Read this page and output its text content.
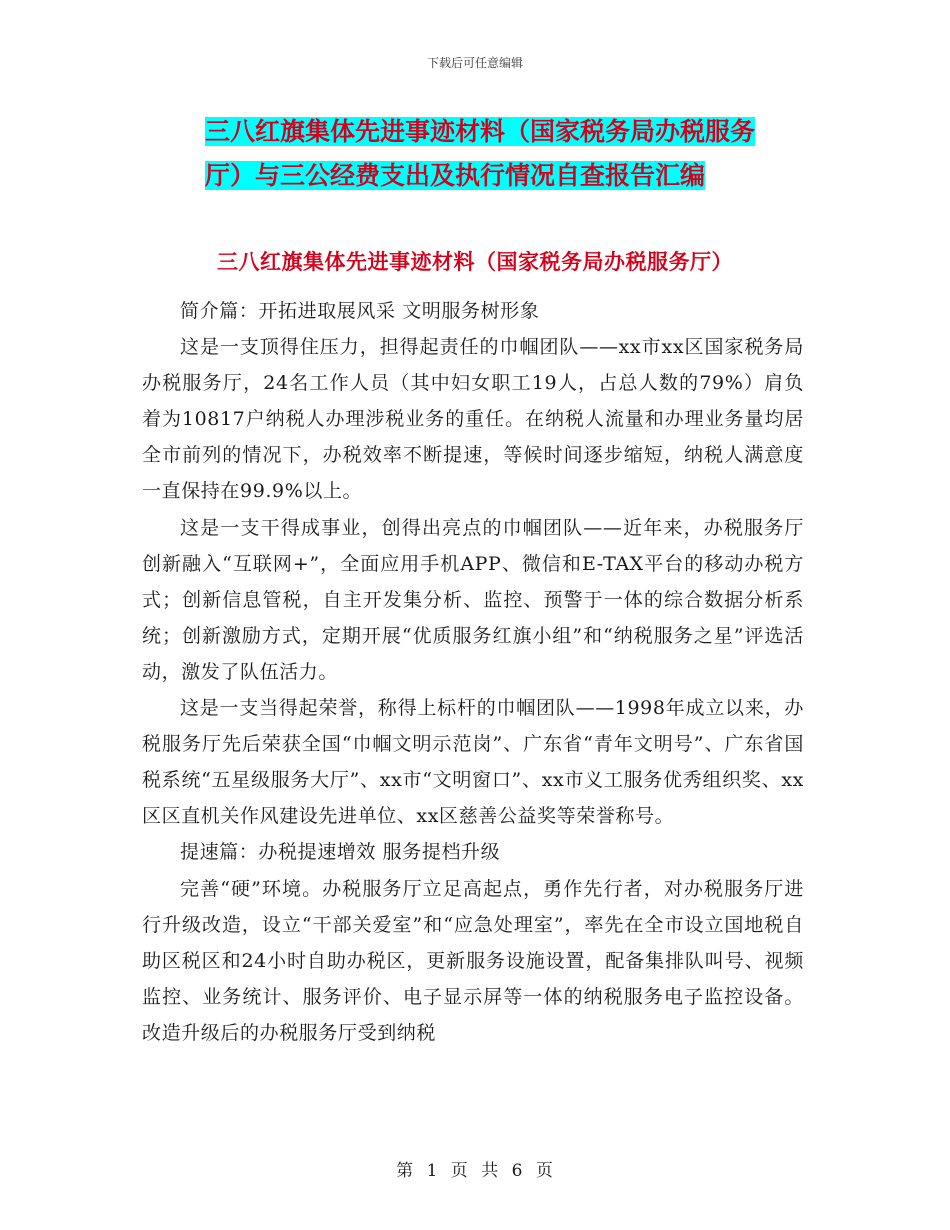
下载后可任意编辑
三八红旗集体先进事迹材料（国家税务局办税服务
厅）与三公经费支出及执行情况自查报告汇编
三八红旗集体先进事迹材料（国家税务局办税服务厅）

简介篇：开拓进取展风采 文明服务树形象

这是一支顶得住压力，担得起责任的巾帼团队——xx市xx区国家税务局办税服务厅，24名工作人员（其中妇女职工19人，占总人数的79%）肩负着为10817户纳税人办理涉税业务的重任。在纳税人流量和办理业务量均居全市前列的情况下，办税效率不断提速，等候时间逐步缩短，纳税人满意度一直保持在99.9%以上。

这是一支干得成事业，创得出亮点的巾帼团队——近年来，办税服务厅创新融入“互联网+”，全面应用手机APP、微信和E-TAX平台的移动办税方式；创新信息管税，自主开发集分析、监控、预警于一体的综合数据分析系统；创新激励方式，定期开展“优质服务红旗小组”和“纳税服务之星”评选活动，激发了队伍活力。

这是一支当得起荣誉，称得上标杆的巾帼团队——1998年成立以来，办税服务厅先后荣获全国“巾帼文明示范岗”、广东省“青年文明号”、广东省国税系统“五星级服务大厅”、xx市“文明窗口”、xx市义工服务优秀组织奖、xx区区直机关作风建设先进单位、xx区慈善公益奖等荣誉称号。

提速篇：办税提速增效 服务提档升级

完善“硬”环境。办税服务厅立足高起点，勇作先行者，对办税服务厅进行升级改造，设立“干部关爱室”和“应急处理室”，率先在全市设立国地税自助区税区和24小时自助办税区，更新服务设施设置，配备集排队叫号、视频监控、业务统计、服务评价、电子显示屏等一体的纳税服务电子监控设备。改造升级后的办税服务厅受到纳税

第 1 页 共 6 页
